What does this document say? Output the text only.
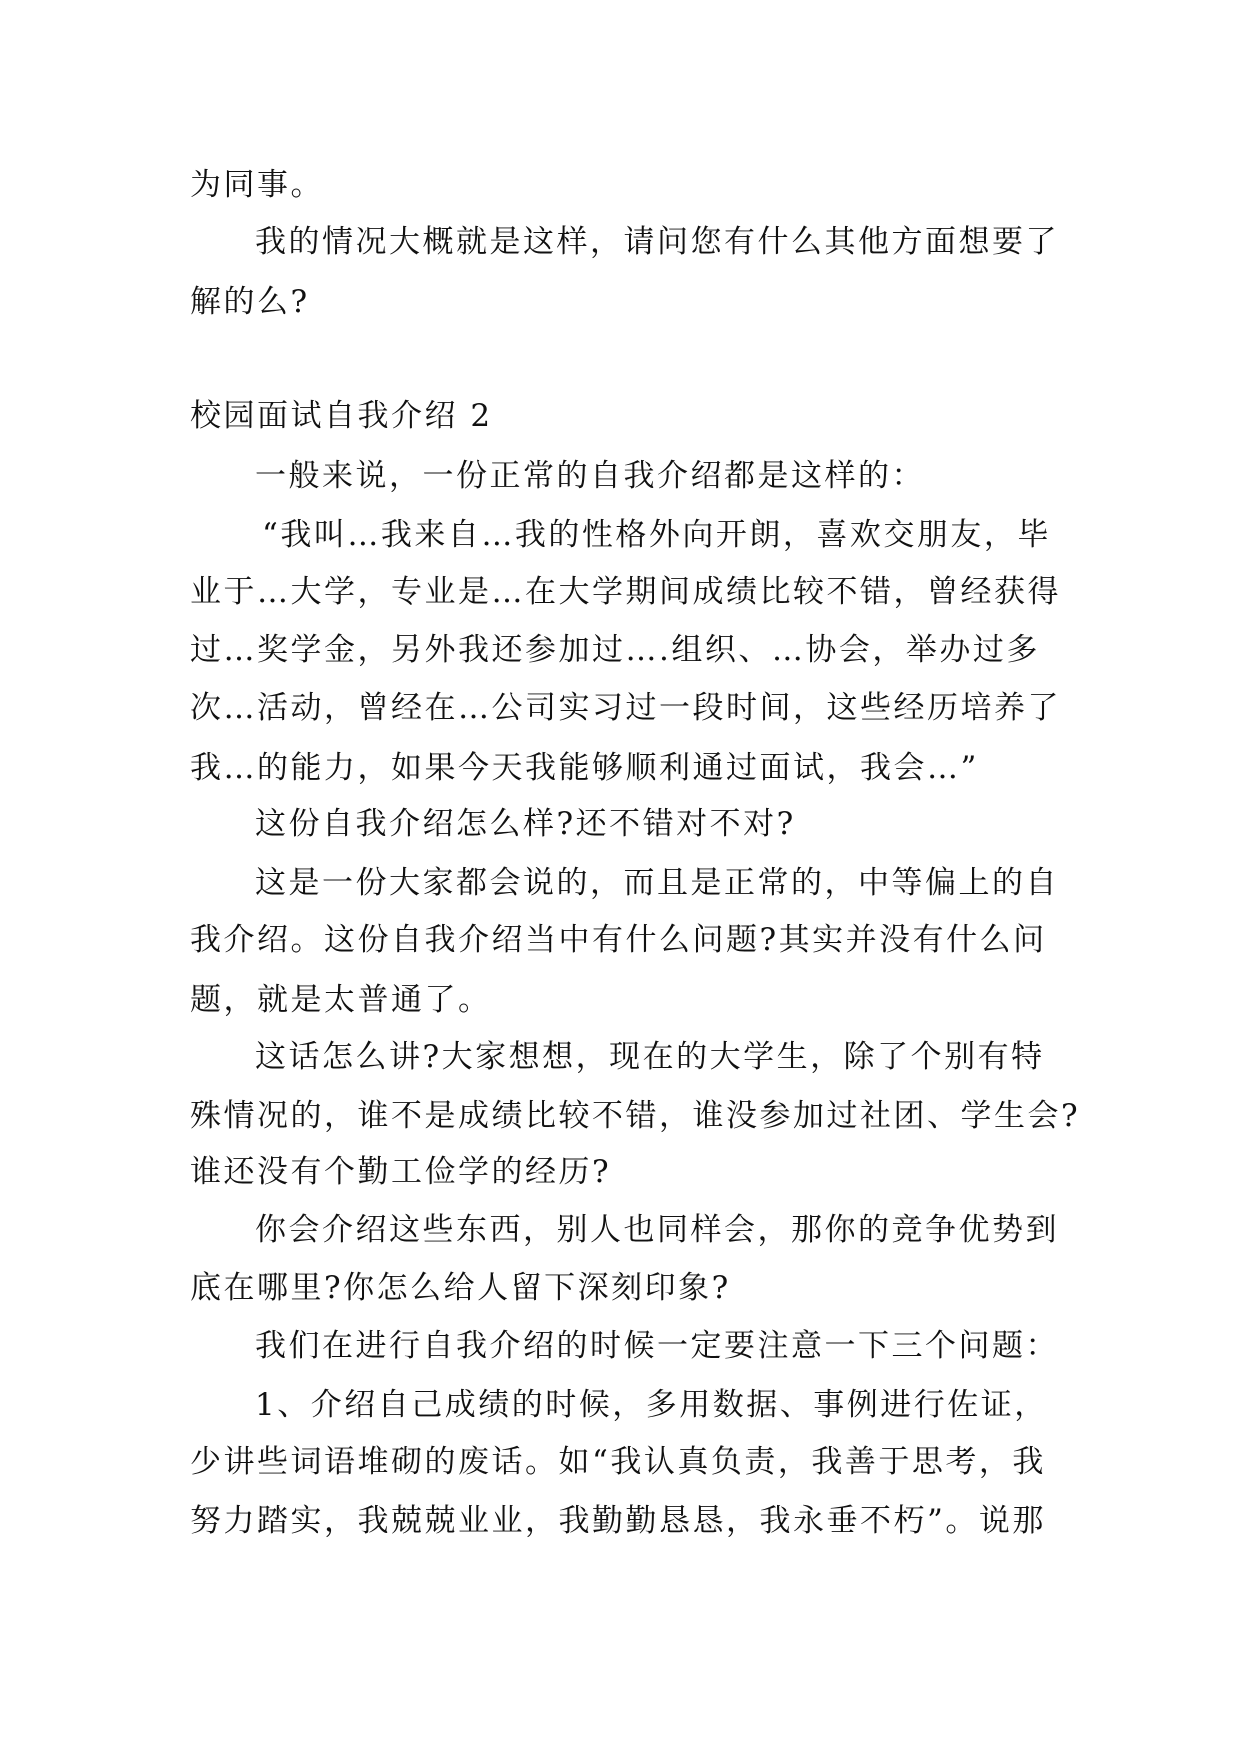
为同事。
我的情况大概就是这样，请问您有什么其他方面想要了
解的么?
校园面试自我介绍 2
一般来说，一份正常的自我介绍都是这样的：
“我叫…我来自…我的性格外向开朗，喜欢交朋友，毕
业于…大学，专业是…在大学期间成绩比较不错，曾经获得
过…奖学金，另外我还参加过….组织、…协会，举办过多
次…活动，曾经在…公司实习过一段时间，这些经历培养了
我…的能力，如果今天我能够顺利通过面试，我会…”
这份自我介绍怎么样?还不错对不对?
这是一份大家都会说的，而且是正常的，中等偏上的自
我介绍。这份自我介绍当中有什么问题?其实并没有什么问
题，就是太普通了。
这话怎么讲?大家想想，现在的大学生，除了个别有特
殊情况的，谁不是成绩比较不错，谁没参加过社团、学生会?
谁还没有个勤工俭学的经历?
你会介绍这些东西，别人也同样会，那你的竞争优势到
底在哪里?你怎么给人留下深刻印象?
我们在进行自我介绍的时候一定要注意一下三个问题：
1、介绍自己成绩的时候，多用数据、事例进行佐证，
少讲些词语堆砌的废话。如“我认真负责，我善于思考，我
努力踏实，我兢兢业业，我勤勤恳恳，我永垂不朽”。说那
